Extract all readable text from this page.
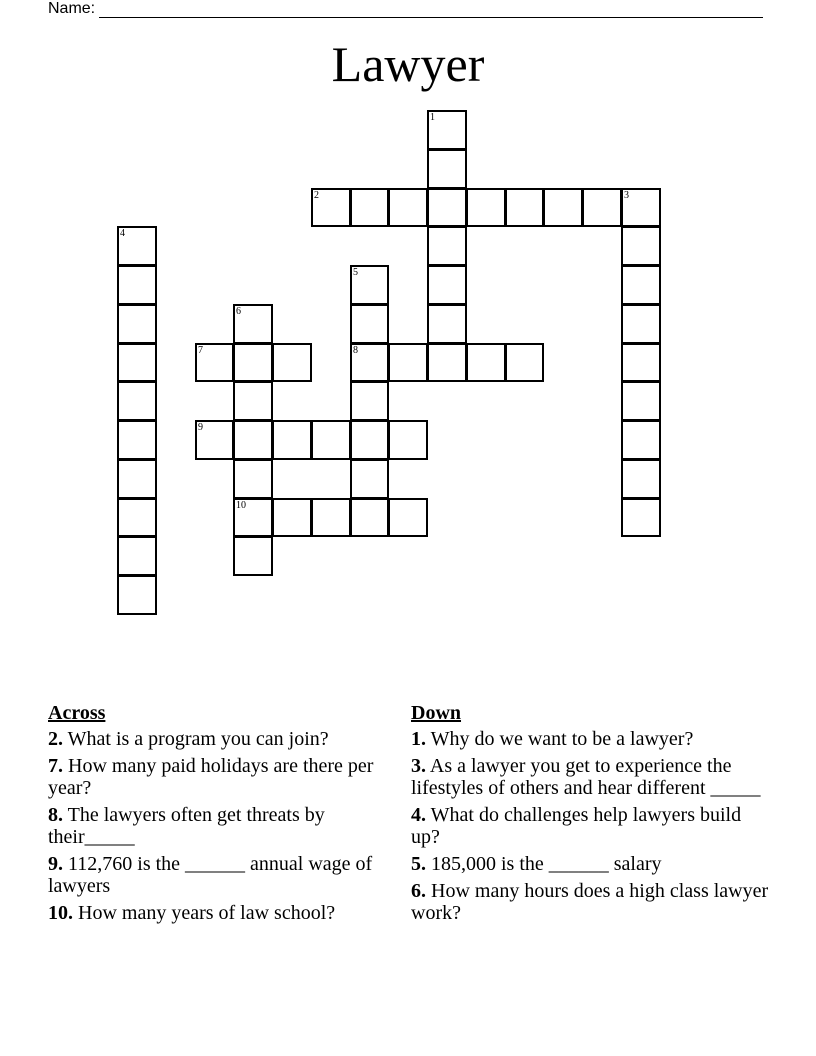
Name:
Lawyer
1
2	3
4
5
8
6
10
7
9
Across
2. What is a program you can join?
7. How many paid holidays are there per year?
8. The lawyers often get threats by their_____
9. 112,760 is the ______ annual wage of lawyers
10. How many years of law school?
Down
1. Why do we want to be a lawyer?
3. As a lawyer you get to experience the lifestyles of others and hear different _____
4. What do challenges help lawyers build up?
5. 185,000 is the ______ salary
6. How many hours does a high class lawyer work?
